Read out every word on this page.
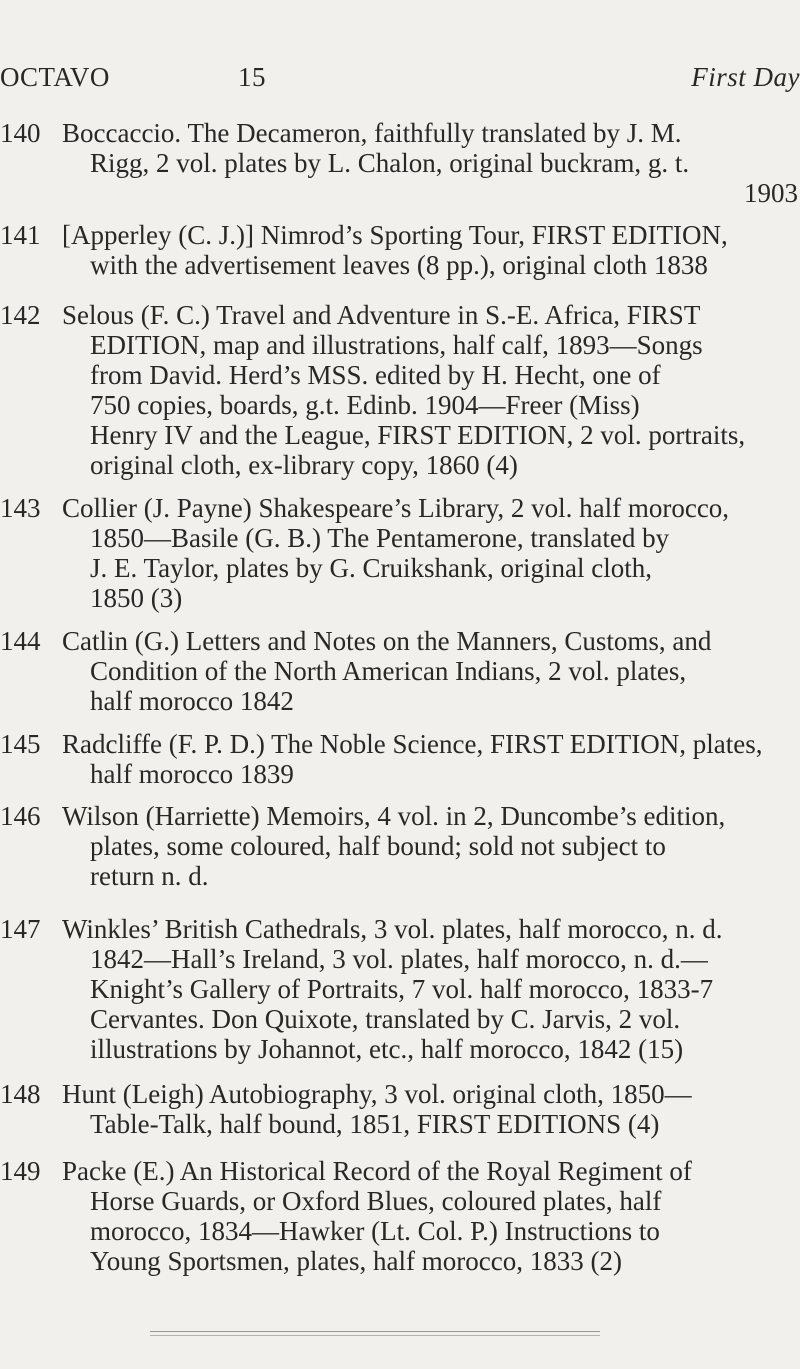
OCTAVO	15	First Day
140 Boccaccio. The Decameron, faithfully translated by J. M.
Rigg, 2 vol. plates by L. Chalon, original buckram, g. t.
1903
141 [Apperley (C. J.)] Nimrod’s Sporting Tour, FIRST EDITION,
with the advertisement leaves (8 pp.), original cloth 1838
142 Selous (F. C.) Travel and Adventure in S.-E. Africa, FIRST
EDITION, map and illustrations, half calf, 1893—Songs
from David. Herd’s MSS. edited by H. Hecht, one of
750 copies, boards, g.t. Edinb. 1904—Freer (Miss)
Henry IV and the League, FIRST EDITION, 2 vol. portraits,
original cloth, ex-library copy, 1860 (4)
143 Collier (J. Payne) Shakespeare’s Library, 2 vol. half morocco,
1850—Basile (G. B.) The Pentamerone, translated by
J. E. Taylor, plates by G. Cruikshank, original cloth,
1850 (3)
144 Catlin (G.) Letters and Notes on the Manners, Customs, and
Condition of the North American Indians, 2 vol. plates,
half morocco 1842
145 Radcliffe (F. P. D.) The Noble Science, FIRST EDITION, plates,
half morocco 1839
146 Wilson (Harriette) Memoirs, 4 vol. in 2, Duncombe’s edition,
plates, some coloured, half bound; sold not subject to
return n. d.
147 Winkles’ British Cathedrals, 3 vol. plates, half morocco, n. d.
1842—Hall’s Ireland, 3 vol. plates, half morocco, n. d.—
Knight’s Gallery of Portraits, 7 vol. half morocco, 1833-7
Cervantes. Don Quixote, translated by C. Jarvis, 2 vol.
illustrations by Johannot, etc., half morocco, 1842 (15)
148 Hunt (Leigh) Autobiography, 3 vol. original cloth, 1850—
Table-Talk, half bound, 1851, FIRST EDITIONS (4)
149 Packe (E.) An Historical Record of the Royal Regiment of
Horse Guards, or Oxford Blues, coloured plates, half
morocco, 1834—Hawker (Lt. Col. P.) Instructions to
Young Sportsmen, plates, half morocco, 1833 (2)
